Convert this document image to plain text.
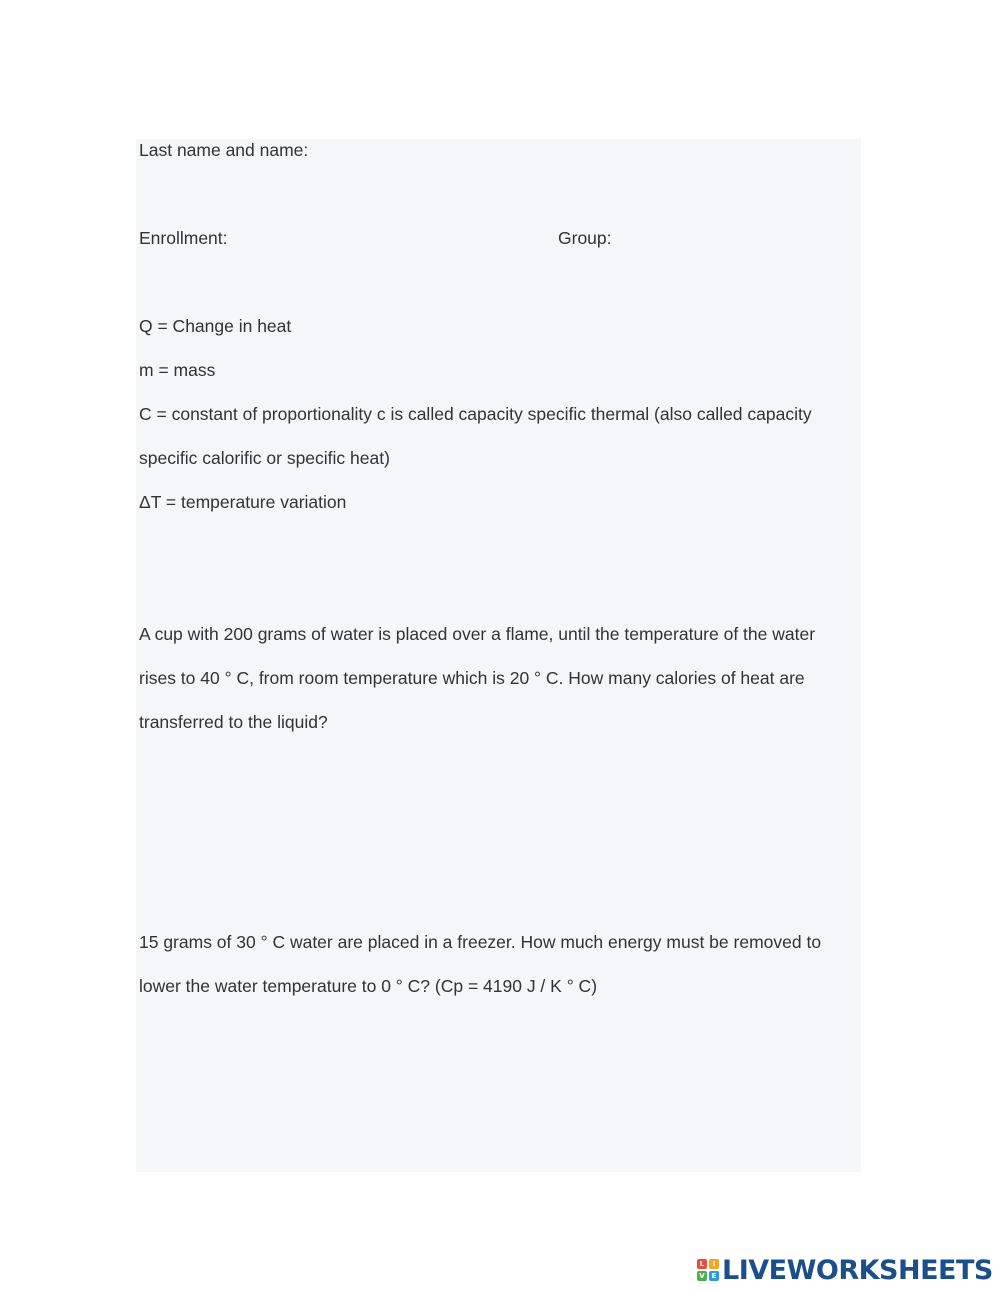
Last name and name:
Enrollment:	Group:
Q = Change in heat
m = mass
C = constant of proportionality c is called capacity specific thermal (also called capacity
specific calorific or specific heat)
ΔT = temperature variation
A cup with 200 grams of water is placed over a flame, until the temperature of the water
rises to 40 ° C, from room temperature which is 20 ° C. How many calories of heat are
transferred to the liquid?
15 grams of 30 ° C water are placed in a freezer. How much energy must be removed to
lower the water temperature to 0 ° C? (Cp = 4190 J / K ° C)
L	I
V E LIVEWORKSHEETS
